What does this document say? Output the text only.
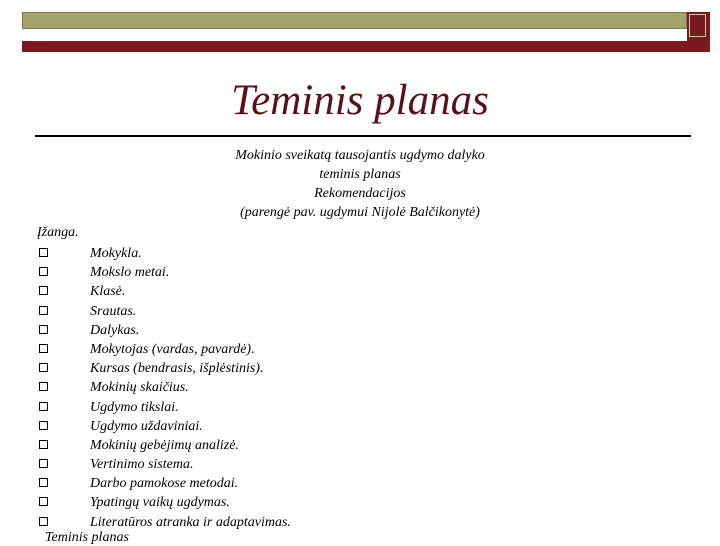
Teminis planas
Mokinio sveikatą tausojantis ugdymo dalyko
teminis planas
Rekomendacijos
(parengė pav. ugdymui Nijolė Balčikonytė)
Įžanga.
Mokykla.
Mokslo metai.
Klasė.
Srautas.
Dalykas.
Mokytojas (vardas, pavardė).
Kursas (bendrasis, išplėstinis).
Mokinių skaičius.
Ugdymo tikslai.
Ugdymo uždaviniai.
Mokinių gebėjimų analizė.
Vertinimo sistema.
Darbo pamokose metodai.
Ypatingų vaikų ugdymas.
Literatūros atranka ir adaptavimas.
Teminis planas
